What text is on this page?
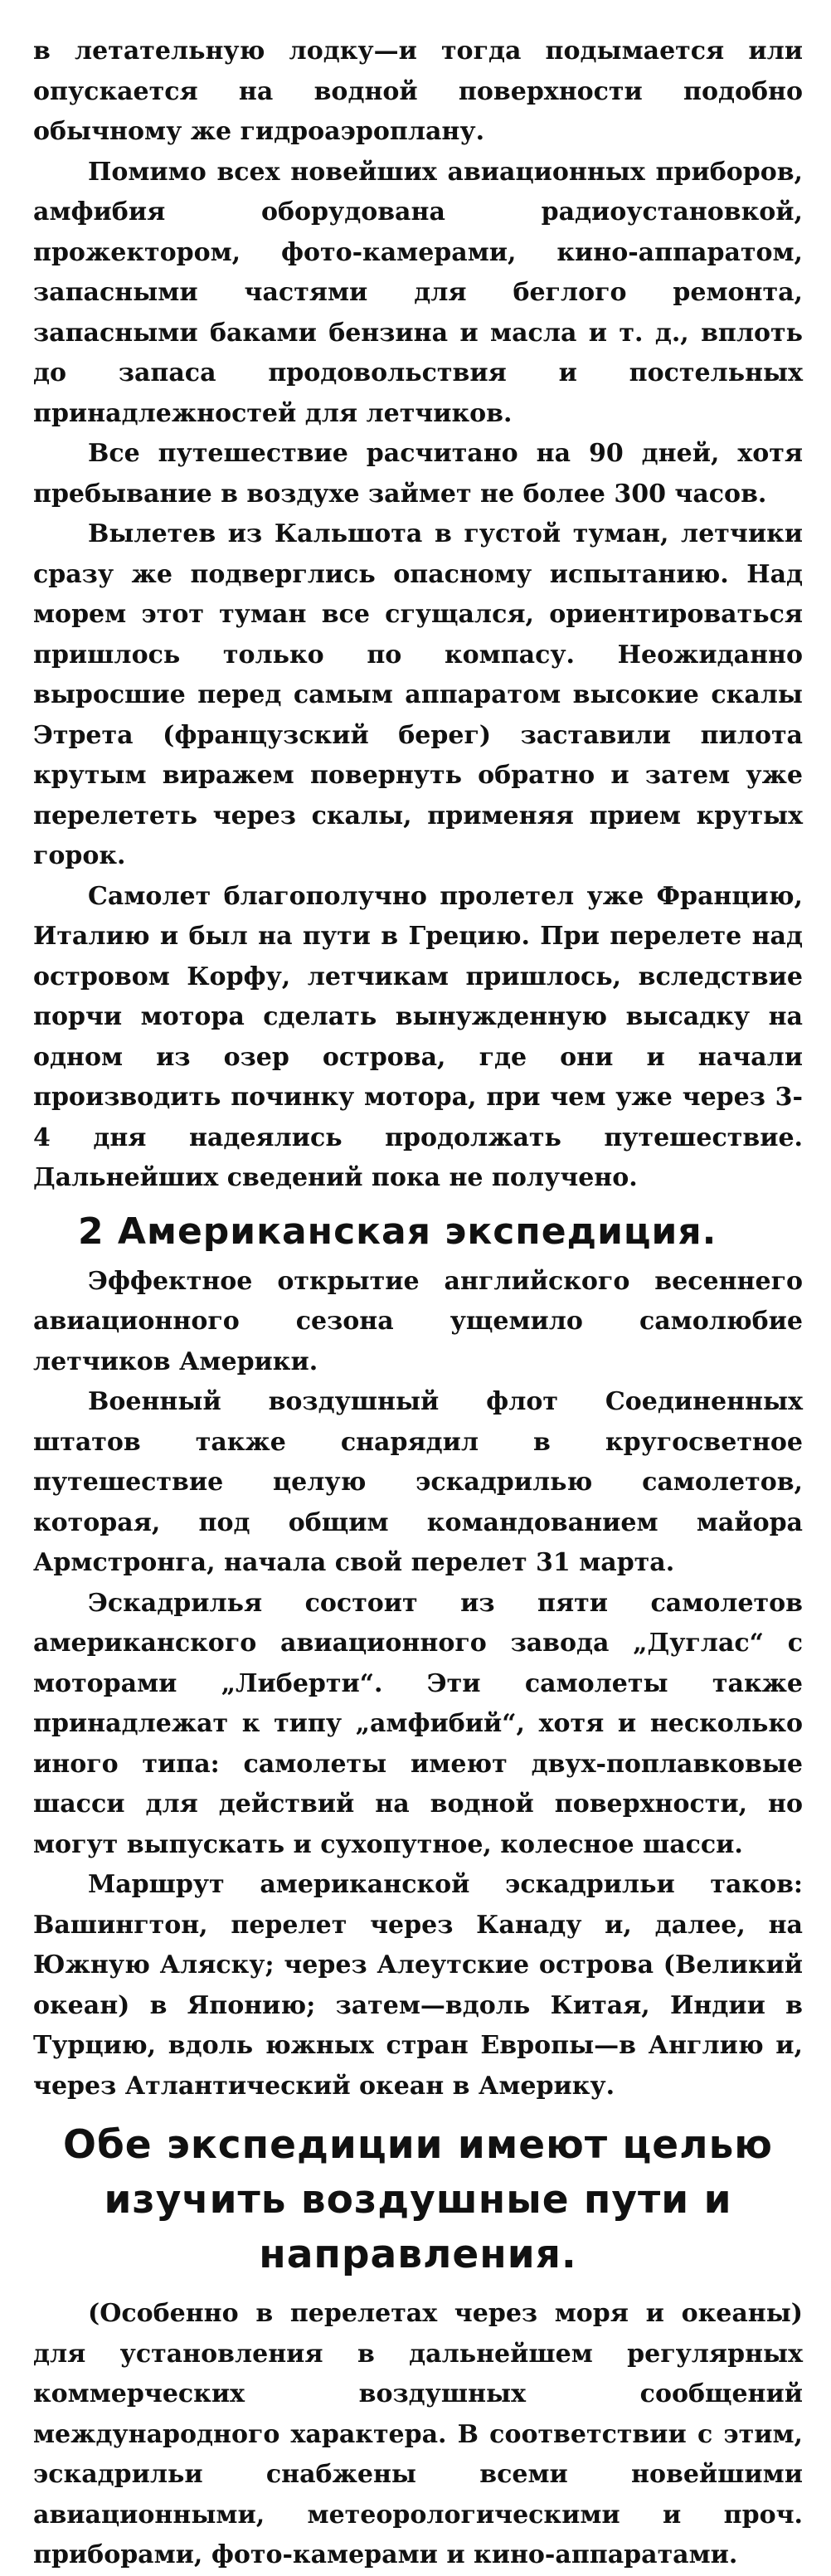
в летательную лодку—и тогда подымается или опускается на водной поверхности подобно обычному же гидроаэроплану.

Помимо всех новейших авиационных приборов, амфибия оборудована радиоустановкой, прожектором, фото-камерами, кино-аппаратом, запасными частями для беглого ремонта, запасными баками бензина и масла и т. д., вплоть до запаса продовольствия и постельных принадлежностей для летчиков.

Все путешествие расчитано на 90 дней, хотя пребывание в воздухе займет не более 300 часов.

Вылетев из Кальшота в густой туман, летчики сразу же подверглись опасному испытанию. Над морем этот туман все сгущался, ориентироваться пришлось только по компасу. Неожиданно выросшие перед самым аппаратом высокие скалы Этрета (французский берег) заставили пилота крутым виражем повернуть обратно и затем уже перелететь через скалы, применяя прием крутых горок.

Самолет благополучно пролетел уже Францию, Италию и был на пути в Грецию. При перелете над островом Корфу, летчикам пришлось, вследствие порчи мотора сделать вынужденную высадку на одном из озер острова, где они и начали производить починку мотора, при чем уже через 3-4 дня надеялись продолжать путешествие. Дальнейших сведений пока не получено.

2 Американская экспедиция.

Эффектное открытие английского весеннего авиационного сезона ущемило самолюбие летчиков Америки.

Военный воздушный флот Соединенных штатов также снарядил в кругосветное путешествие целую эскадрилью самолетов, которая, под общим командованием майора Армстронга, начала свой перелет 31 марта.

Эскадрилья состоит из пяти самолетов американского авиационного завода „Дуглас“ с моторами „Либерти“. Эти самолеты также принадлежат к типу „амфибий“, хотя и несколько иного типа: самолеты имеют двух-поплавковые шасси для действий на водной поверхности, но могут выпускать и сухопутное, колесное шасси.

Маршрут американской эскадрильи таков: Вашингтон, перелет через Канаду и, далее, на Южную Аляску; через Алеутские острова (Великий океан) в Японию; затем—вдоль Китая, Индии в Турцию, вдоль южных стран Европы—в Англию и, через Атлантический океан в Америку.

Обе экспедиции имеют целью изучить воздушные пути и направления.

(Особенно в перелетах через моря и океаны) для установления в дальнейшем регулярных коммерческих воздушных сообщений международного характера. В соответствии с этим, эскадрильи снабжены всеми новейшими авиационными, метеорологическими и проч. приборами, фото-камерами и кино-аппаратами.
